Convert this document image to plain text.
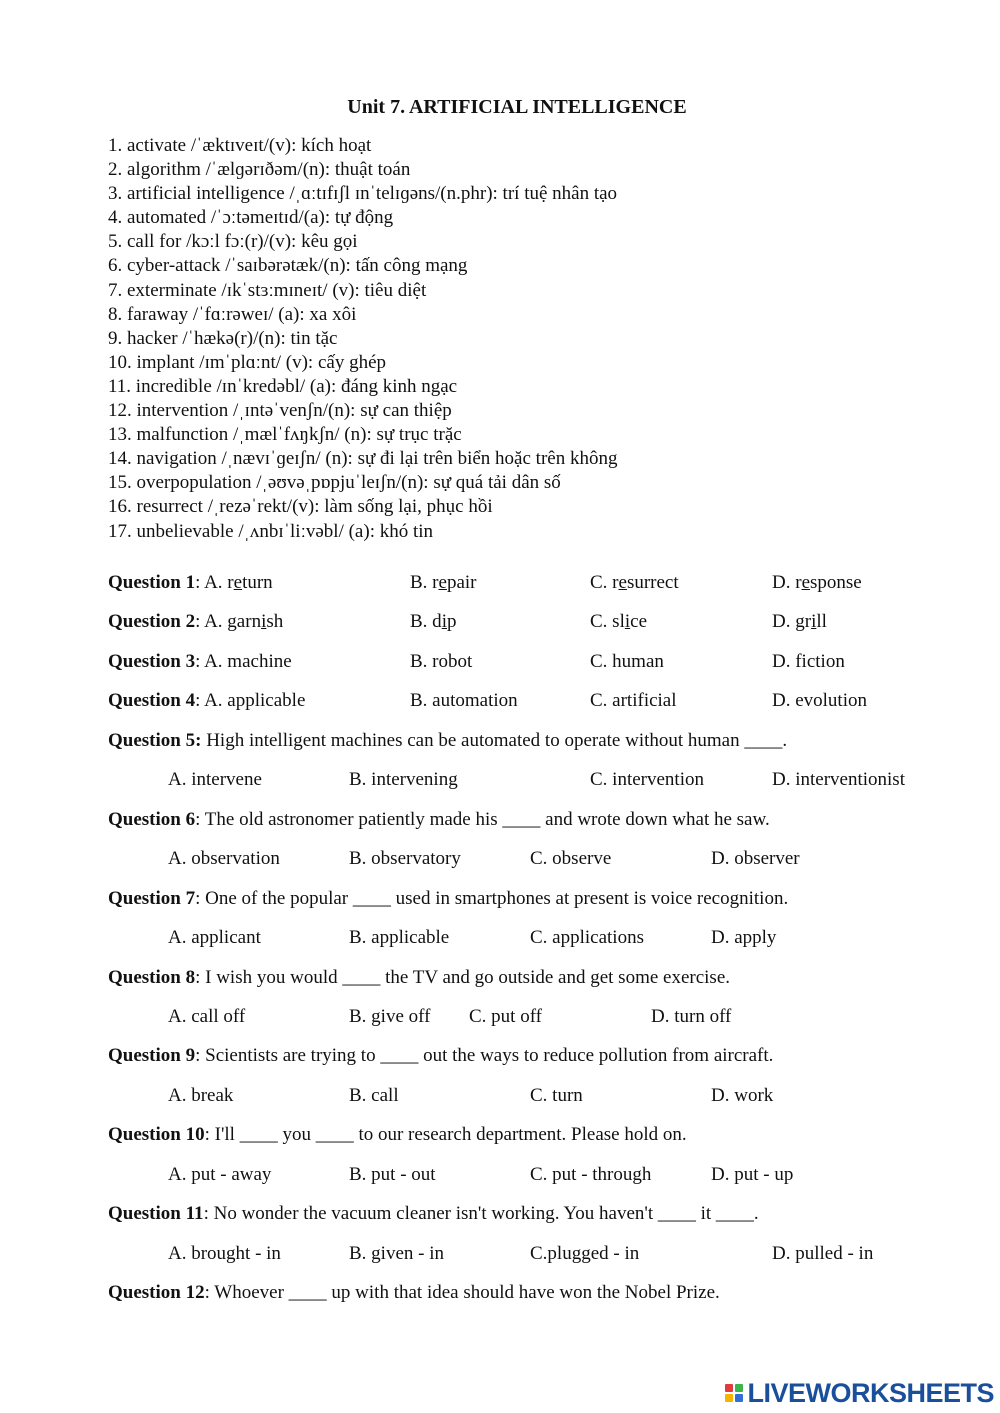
Unit 7. ARTIFICIAL INTELLIGENCE
1. activate /ˈæktɪveɪt/(v): kích hoạt
2. algorithm /ˈælɡərɪðəm/(n): thuật toán
3. artificial intelligence /ˌɑːtɪfɪʃl ɪnˈtelɪɡəns/(n.phr): trí tuệ nhân tạo
4. automated /ˈɔːtəmeɪtɪd/(a): tự động
5. call for /kɔːl fɔː(r)/(v): kêu gọi
6. cyber-attack /ˈsaɪbərətæk/(n): tấn công mạng
7. exterminate /ɪkˈstɜːmɪneɪt/ (v): tiêu diệt
8. faraway /ˈfɑːrəweɪ/ (a): xa xôi
9. hacker /ˈhækə(r)/(n): tin tặc
10. implant /ɪmˈplɑːnt/ (v): cấy ghép
11. incredible /ɪnˈkredəbl/ (a): đáng kinh ngạc
12. intervention /ˌɪntəˈvenʃn/(n): sự can thiệp
13. malfunction /ˌmælˈfʌŋkʃn/ (n): sự trục trặc
14. navigation /ˌnævɪˈɡeɪʃn/ (n): sự đi lại trên biển hoặc trên không
15. overpopulation /ˌəʊvəˌpɒpjuˈleɪʃn/(n): sự quá tải dân số
16. resurrect /ˌrezəˈrekt/(v): làm sống lại, phục hồi
17. unbelievable /ˌʌnbɪˈliːvəbl/ (a): khó tin
Question 1: A. return	B. repair	C. resurrect	D. response
Question 2: A. garnish	B. dip	C. slice	D. grill
Question 3: A. machine	B. robot	C. human	D. fiction
Question 4: A. applicable	B. automation	C. artificial	D. evolution
Question 5: High intelligent machines can be automated to operate without human ____.
A. intervene	B. intervening	C. intervention	D. interventionist
Question 6: The old astronomer patiently made his ____ and wrote down what he saw.
A. observation	B. observatory	C. observe	D. observer
Question 7: One of the popular ____ used in smartphones at present is voice recognition.
A. applicant	B. applicable	C. applications	D. apply
Question 8: I wish you would ____ the TV and go outside and get some exercise.
A. call off	B. give off C. put off	D. turn off
Question 9: Scientists are trying to ____ out the ways to reduce pollution from aircraft.
A. break	B. call	C. turn	D. work
Question 10: I'll ____ you ____ to our research department. Please hold on.
A. put - away	B. put - out	C. put - through	D. put - up
Question 11: No wonder the vacuum cleaner isn't working. You haven't ____ it ____.
A. brought - in	B. given - in	C.plugged - in	D. pulled - in
Question 12: Whoever ____ up with that idea should have won the Nobel Prize.
LIVEWORKSHEETS
